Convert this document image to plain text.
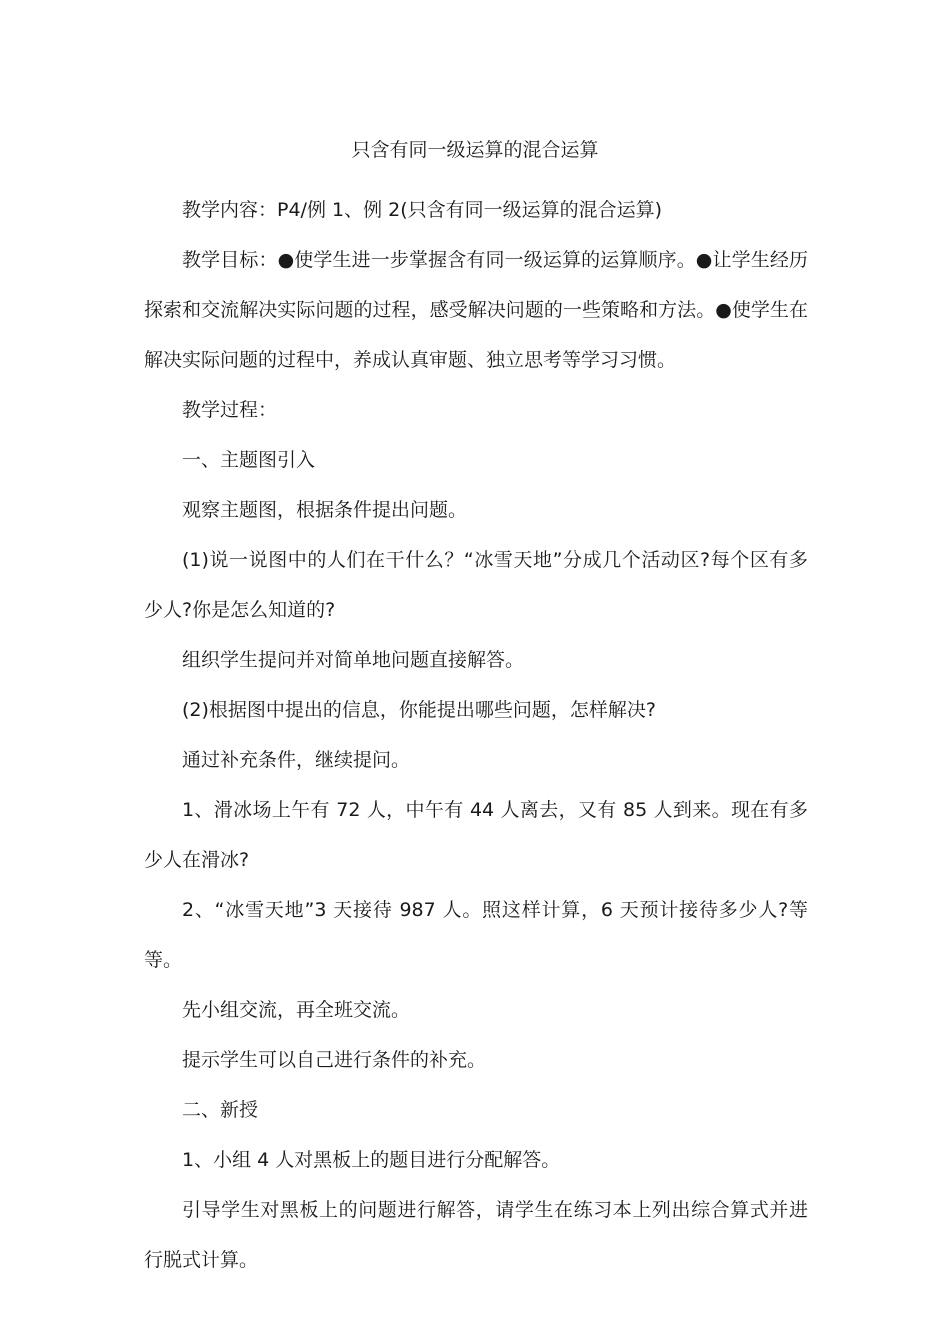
只含有同一级运算的混合运算

教学内容：P4/例 1、例 2(只含有同一级运算的混合运算)

教学目标：●使学生进一步掌握含有同一级运算的运算顺序。●让学生经历探索和交流解决实际问题的过程，感受解决问题的一些策略和方法。●使学生在解决实际问题的过程中，养成认真审题、独立思考等学习习惯。

教学过程：

一、主题图引入

观察主题图，根据条件提出问题。

(1)说一说图中的人们在干什么？“冰雪天地”分成几个活动区?每个区有多少人?你是怎么知道的?

组织学生提问并对简单地问题直接解答。

(2)根据图中提出的信息，你能提出哪些问题，怎样解决?

通过补充条件，继续提问。

1、滑冰场上午有 72 人，中午有 44 人离去，又有 85 人到来。现在有多少人在滑冰?

2、“冰雪天地”3 天接待 987 人。照这样计算，6 天预计接待多少人?等等。

先小组交流，再全班交流。

提示学生可以自己进行条件的补充。

二、新授

1、小组 4 人对黑板上的题目进行分配解答。

引导学生对黑板上的问题进行解答，请学生在练习本上列出综合算式并进行脱式计算。
